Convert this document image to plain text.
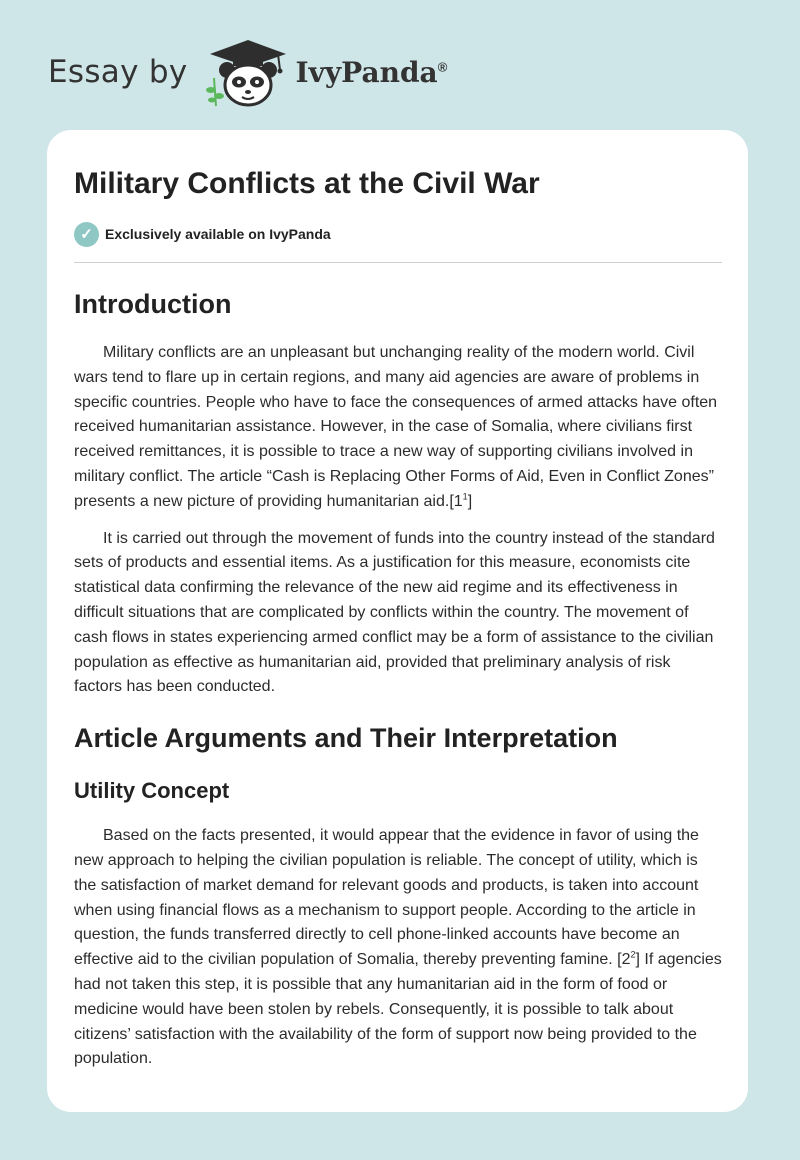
Essay by	IvyPanda®
Military Conflicts at the Civil War
✓ Exclusively available on IvyPanda
Introduction

Military conflicts are an unpleasant but unchanging reality of the modern world. Civil wars tend to flare up in certain regions, and many aid agencies are aware of problems in specific countries. People who have to face the consequences of armed attacks have often received humanitarian assistance. However, in the case of Somalia, where civilians first received remittances, it is possible to trace a new way of supporting civilians involved in military conflict. The article “Cash is Replacing Other Forms of Aid, Even in Conflict Zones” presents a new picture of providing humanitarian $aid.[1^1]$

It is carried out through the movement of funds into the country instead of the standard sets of products and essential items. As a justification for this measure, economists cite statistical data confirming the relevance of the new aid regime and its effectiveness in difficult situations that are complicated by conflicts within the country. The movement of cash flows in states experiencing armed conflict may be a form of assistance to the civilian population as effective as humanitarian aid, provided that preliminary analysis of risk factors has been conducted.

Article Arguments and Their Interpretation
Utility Concept

Based on the facts presented, it would appear that the evidence in favor of using the new approach to helping the civilian population is reliable. The concept of utility, which is the satisfaction of market demand for relevant goods and products, is taken into account when using financial flows as a mechanism to support people. According to the article in question, the funds transferred directly to cell phone-linked accounts have become an effective aid to the civilian population of Somalia, thereby preventing famine. $[2^2]$ If agencies had not taken this step, it is possible that any humanitarian aid in the form of food or medicine would have been stolen by rebels. Consequently, it is possible to talk about citizens’ satisfaction with the availability of the form of support now being provided to the population.
